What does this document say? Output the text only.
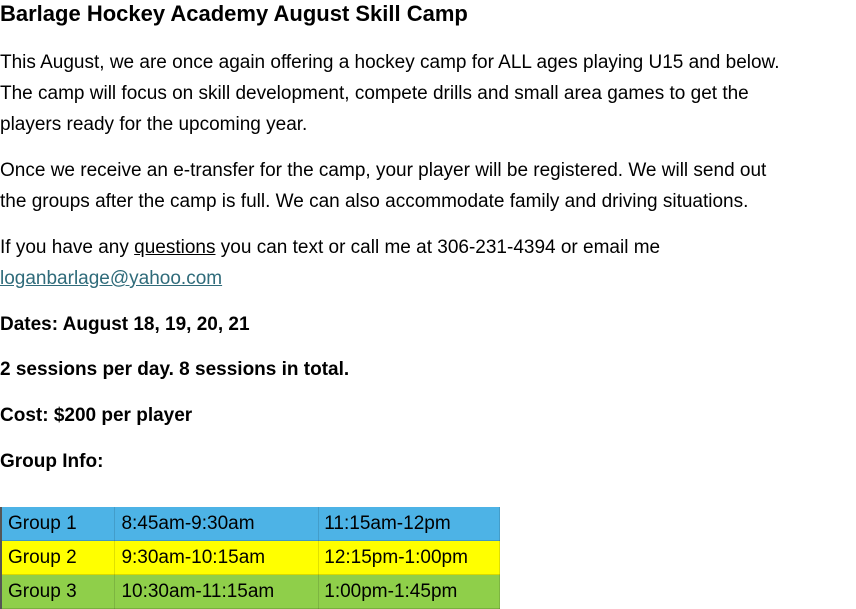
Barlage Hockey Academy August Skill Camp
This August, we are once again offering a hockey camp for ALL ages playing U15 and below.
The camp will focus on skill development, compete drills and small area games to get the
players ready for the upcoming year.
Once we receive an e-transfer for the camp, your player will be registered. We will send out
the groups after the camp is full. We can also accommodate family and driving situations.
If you have any questions you can text or call me at 306-231-4394 or email me
loganbarlage@yahoo.com
Dates: August 18, 19, 20, 21
2 sessions per day. 8 sessions in total.
Cost: $200 per player
Group Info:
Group 1	8:45am-9:30am	11:15am-12pm
Group 2	9:30am-10:15am	12:15pm-1:00pm
Group 3	10:30am-11:15am	1:00pm-1:45pm
